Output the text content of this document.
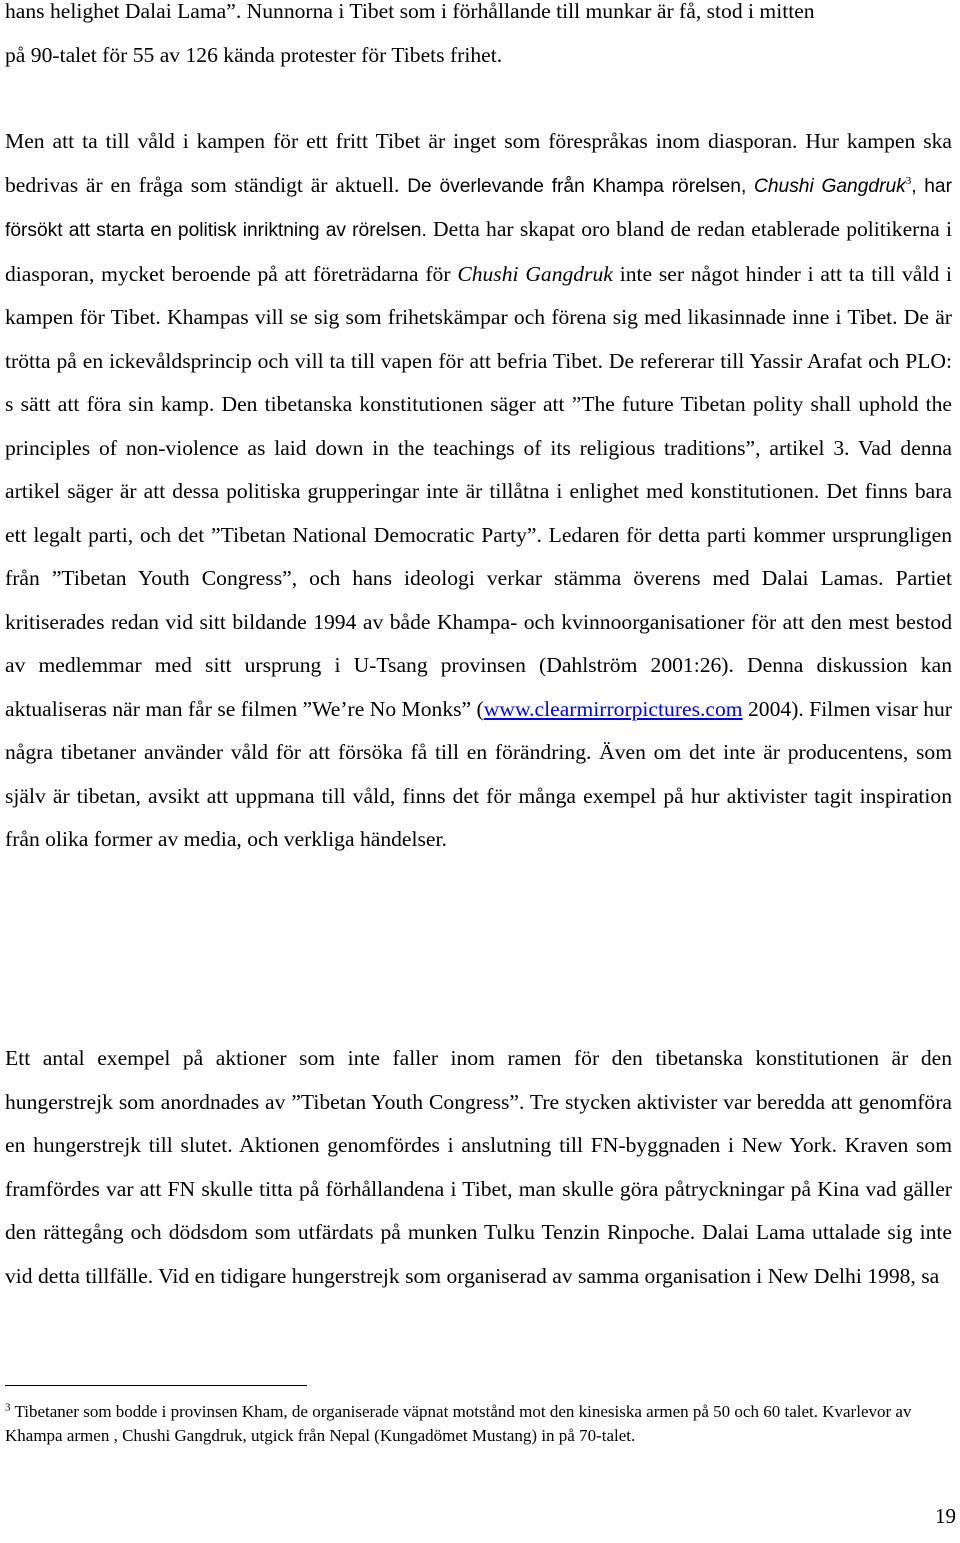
hans helighet Dalai Lama”. Nunnorna i Tibet som i förhållande till munkar är få, stod i mitten
på 90-talet för 55 av 126 kända protester för Tibets frihet.

Men att ta till våld i kampen för ett fritt Tibet är inget som förespråkas inom diasporan. Hur kampen ska bedrivas är en fråga som ständigt är aktuell. De överlevande från Khampa rörelsen, Chushi Gangdruk$^3$, har försökt att starta en politisk inriktning av rörelsen. Detta har skapat oro bland de redan etablerade politikerna i diasporan, mycket beroende på att företrädarna för Chushi Gangdruk inte ser något hinder i att ta till våld i kampen för Tibet. Khampas vill se sig som frihetskämpar och förena sig med likasinnade inne i Tibet. De är trötta på en ickevåldsprincip och vill ta till vapen för att befria Tibet. De refererar till Yassir Arafat och PLO: s sätt att föra sin kamp. Den tibetanska konstitutionen säger att ”The future Tibetan polity shall uphold the principles of non-violence as laid down in the teachings of its religious traditions”, artikel 3. Vad denna artikel säger är att dessa politiska grupperingar inte är tillåtna i enlighet med konstitutionen. Det finns bara ett legalt parti, och det ”Tibetan National Democratic Party”. Ledaren för detta parti kommer ursprungligen från ”Tibetan Youth Congress”, och hans ideologi verkar stämma överens med Dalai Lamas. Partiet kritiserades redan vid sitt bildande 1994 av både Khampa- och kvinnoorganisationer för att den mest bestod av medlemmar med sitt ursprung i U-Tsang provinsen (Dahlström 2001:26). Denna diskussion kan aktualiseras när man får se filmen ”We’re No Monks” (www.clearmirrorpictures.com 2004). Filmen visar hur några tibetaner använder våld för att försöka få till en förändring. Även om det inte är producentens, som själv är tibetan, avsikt att uppmana till våld, finns det för många exempel på hur aktivister tagit inspiration från olika former av media, och verkliga händelser.

Ett antal exempel på aktioner som inte faller inom ramen för den tibetanska konstitutionen är den hungerstrejk som anordnades av ”Tibetan Youth Congress”. Tre stycken aktivister var beredda att genomföra en hungerstrejk till slutet. Aktionen genomfördes i anslutning till FN-byggnaden i New York. Kraven som framfördes var att FN skulle titta på förhållandena i Tibet, man skulle göra påtryckningar på Kina vad gäller den rättegång och dödsdom som utfärdats på munken Tulku Tenzin Rinpoche. Dalai Lama uttalade sig inte vid detta tillfälle. Vid en tidigare hungerstrejk som organiserad av samma organisation i New Delhi 1998, sa

$^3$ Tibetaner som bodde i provinsen Kham, de organiserade väpnat motstånd mot den kinesiska armen på 50 och 60 talet. Kvarlevor av Khampa armen , Chushi Gangdruk, utgick från Nepal (Kungadömet Mustang) in på 70-talet.

19
